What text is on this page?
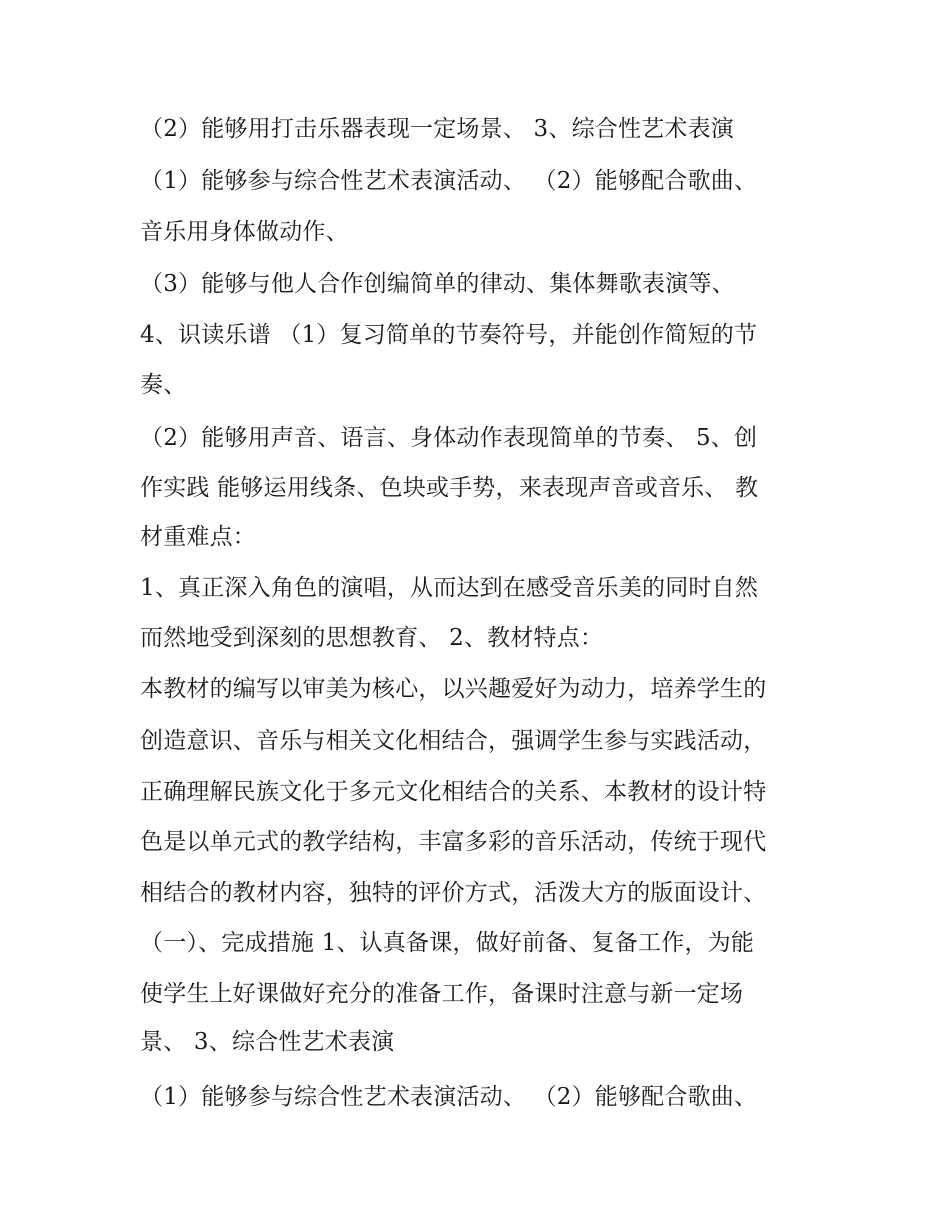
（2）能够用打击乐器表现一定场景、 3、综合性艺术表演

（1）能够参与综合性艺术表演活动、 （2）能够配合歌曲、

音乐用身体做动作、

（3）能够与他人合作创编简单的律动、集体舞歌表演等、

4、识读乐谱 （1）复习简单的节奏符号，并能创作简短的节

奏、

（2）能够用声音、语言、身体动作表现简单的节奏、 5、创

作实践 能够运用线条、色块或手势，来表现声音或音乐、 教

材重难点：

1、真正深入角色的演唱，从而达到在感受音乐美的同时自然

而然地受到深刻的思想教育、 2、教材特点：

本教材的编写以审美为核心，以兴趣爱好为动力，培养学生的

创造意识、音乐与相关文化相结合，强调学生参与实践活动，

正确理解民族文化于多元文化相结合的关系、本教材的设计特

色是以单元式的教学结构，丰富多彩的音乐活动，传统于现代

相结合的教材内容，独特的评价方式，活泼大方的版面设计、

（一）、完成措施 1、认真备课，做好前备、复备工作，为能

使学生上好课做好充分的准备工作，备课时注意与新一定场

景、 3、综合性艺术表演

（1）能够参与综合性艺术表演活动、 （2）能够配合歌曲、
